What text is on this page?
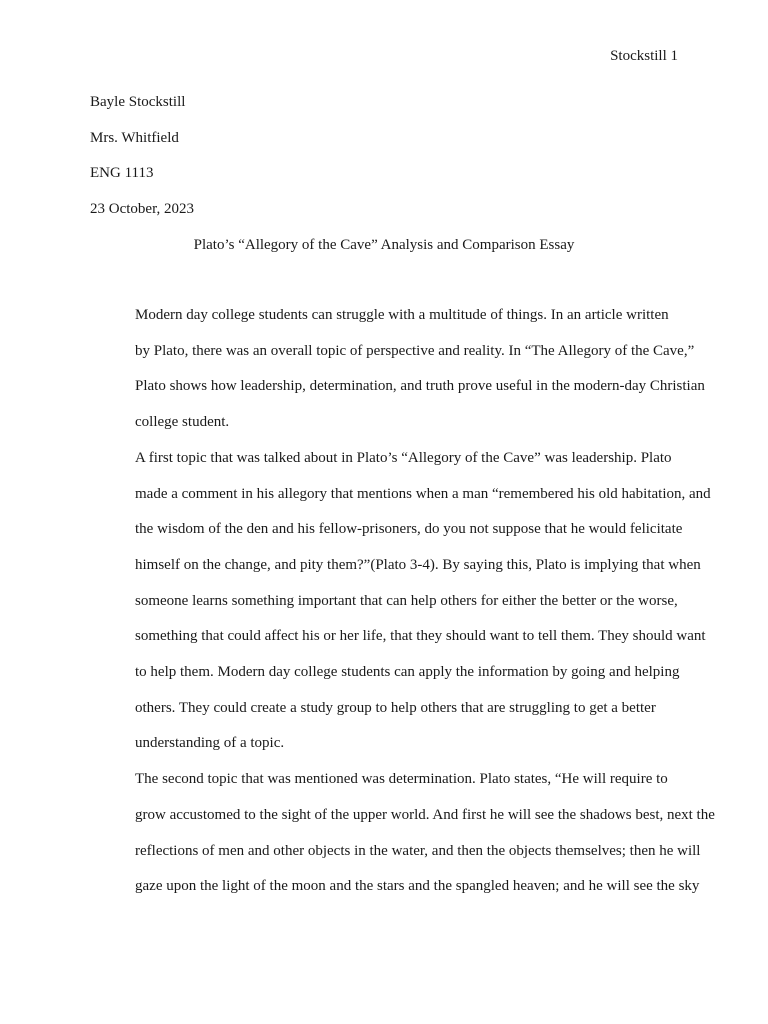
Stockstill 1
Bayle Stockstill
Mrs. Whitfield
ENG 1113
23 October, 2023
Plato’s “Allegory of the Cave” Analysis and Comparison Essay

Modern day college students can struggle with a multitude of things. In an article written
by Plato, there was an overall topic of perspective and reality. In “The Allegory of the Cave,”
Plato shows how leadership, determination, and truth prove useful in the modern-day Christian
college student.

A first topic that was talked about in Plato’s “Allegory of the Cave” was leadership. Plato
made a comment in his allegory that mentions when a man “remembered his old habitation, and
the wisdom of the den and his fellow-prisoners, do you not suppose that he would felicitate
himself on the change, and pity them?”(Plato 3-4). By saying this, Plato is implying that when
someone learns something important that can help others for either the better or the worse,
something that could affect his or her life, that they should want to tell them. They should want
to help them. Modern day college students can apply the information by going and helping
others. They could create a study group to help others that are struggling to get a better
understanding of a topic.

The second topic that was mentioned was determination. Plato states, “He will require to
grow accustomed to the sight of the upper world. And first he will see the shadows best, next the
reflections of men and other objects in the water, and then the objects themselves; then he will
gaze upon the light of the moon and the stars and the spangled heaven; and he will see the sky
